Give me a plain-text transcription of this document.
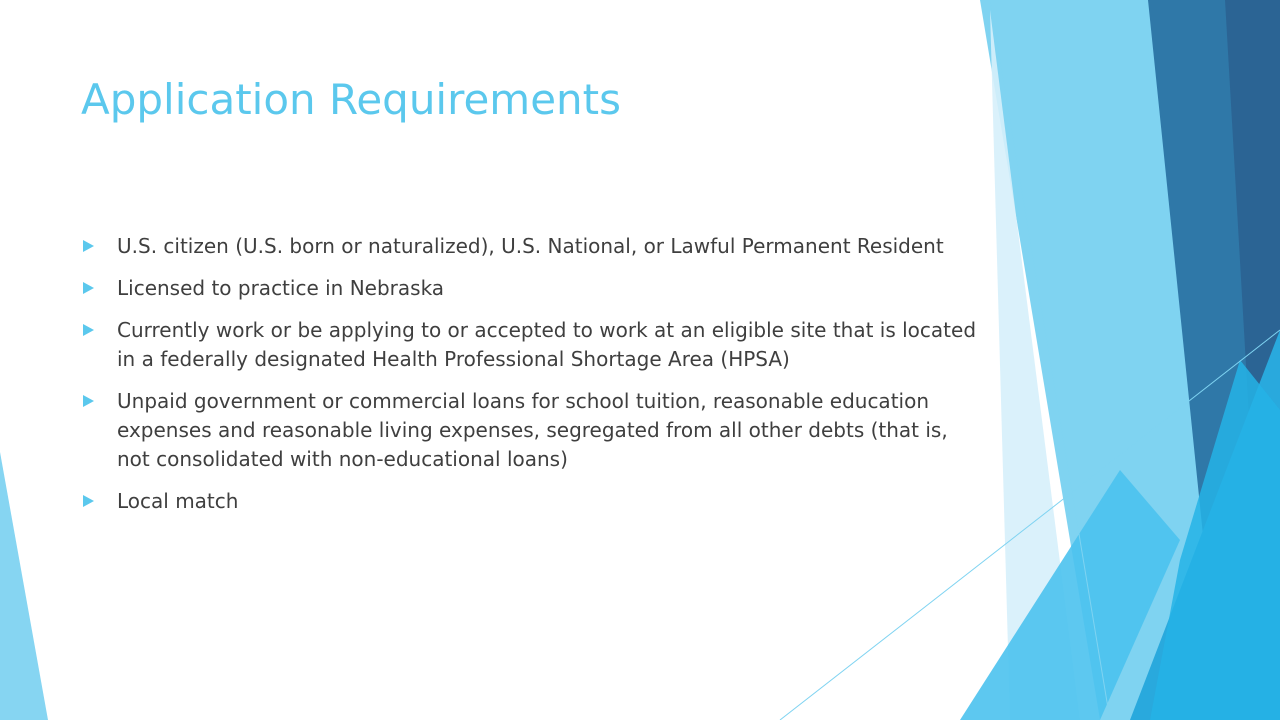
Application Requirements
U.S. citizen (U.S. born or naturalized), U.S. National, or Lawful Permanent Resident
Licensed to practice in Nebraska
Currently work or be applying to or accepted to work at an eligible site that is located in a federally designated Health Professional Shortage Area (HPSA)
Unpaid government or commercial loans for school tuition, reasonable education expenses and reasonable living expenses, segregated from all other debts (that is, not consolidated with non-educational loans)
Local match
